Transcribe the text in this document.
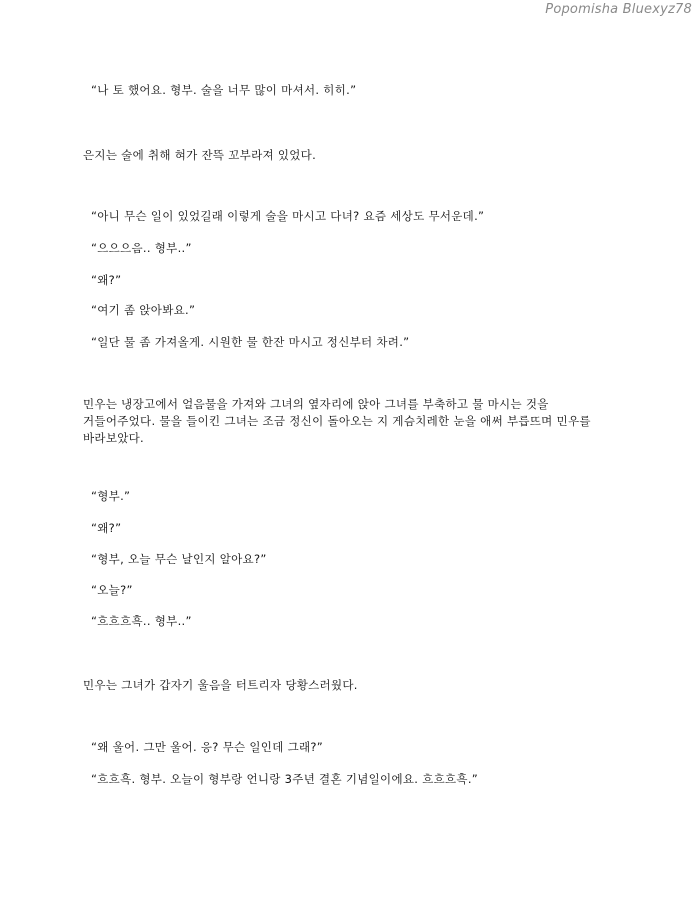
Popomisha Bluexyz78
“나 토 했어요. 형부. 술을 너무 많이 마셔서. 히히.”
은지는 술에 취해 혀가 잔뜩 꼬부라져 있었다.
“아니 무슨 일이 있었길래 이렇게 술을 마시고 다녀? 요즘 세상도 무서운데.”
“으으으음.. 형부..”
“왜?”
“여기 좀 앉아봐요.”
“일단 물 좀 가져올게. 시원한 물 한잔 마시고 정신부터 차려.”
민우는 냉장고에서 얼음물을 가져와 그녀의 옆자리에 앉아 그녀를 부축하고 물 마시는 것을 거들어주었다. 물을 들이킨 그녀는 조금 정신이 돌아오는 지 게슴치레한 눈을 애써 부릅뜨며 민우를 바라보았다.
“형부.”
“왜?”
“형부, 오늘 무슨 날인지 알아요?”
“오늘?”
“흐흐흐흑.. 형부..”
민우는 그녀가 갑자기 울음을 터트리자 당황스러웠다.
“왜 울어. 그만 울어. 응? 무슨 일인데 그래?”
“흐흐흑. 형부. 오늘이 형부랑 언니랑 3주년 결혼 기념일이에요. 흐흐흐흑.”
